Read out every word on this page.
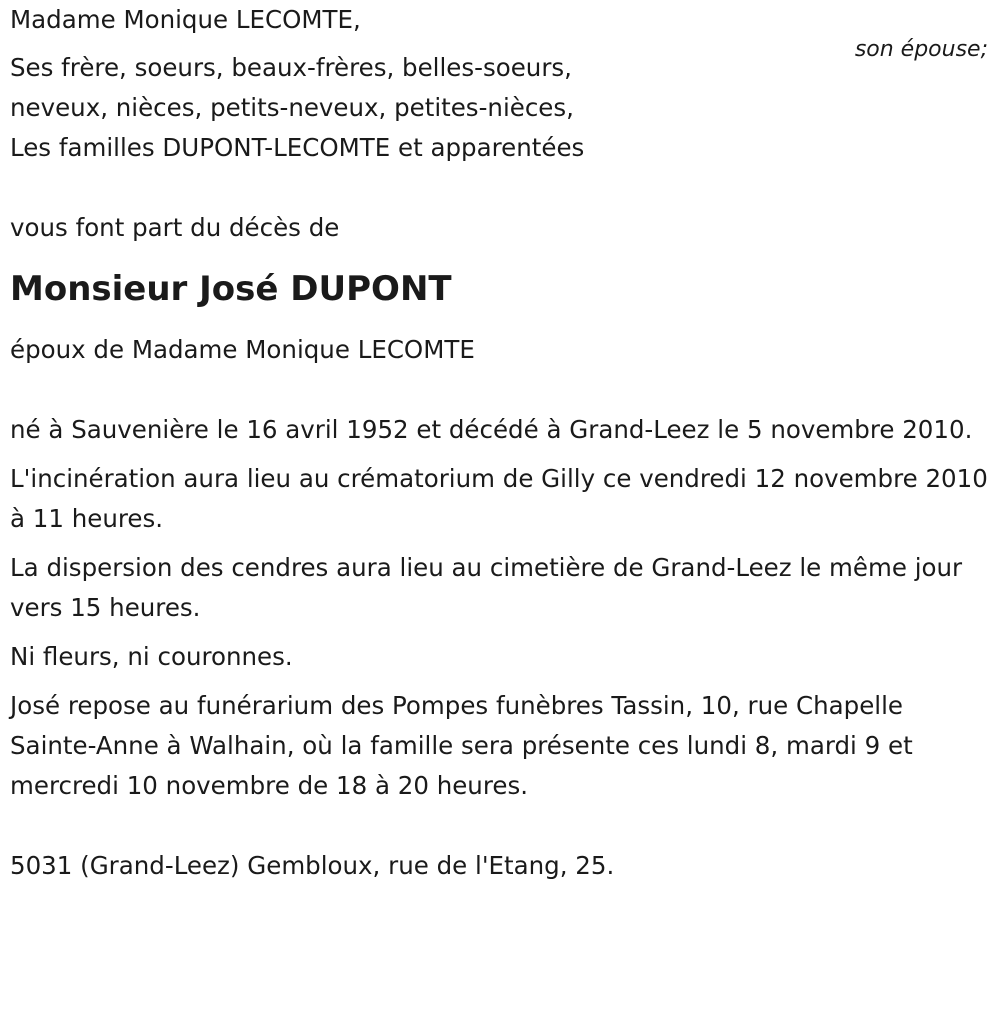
son épouse;
Madame Monique LECOMTE,
Ses frère, soeurs, beaux-frères, belles-soeurs,
neveux, nièces, petits-neveux, petites-nièces,
Les familles DUPONT-LECOMTE et apparentées
vous font part du décès de
Monsieur José DUPONT
époux de Madame Monique LECOMTE
né à Sauvenière le 16 avril 1952 et décédé à Grand-Leez le 5 novembre 2010.
L'incinération aura lieu au crématorium de Gilly ce vendredi 12 novembre 2010 à 11 heures.
La dispersion des cendres aura lieu au cimetière de Grand-Leez le même jour vers 15 heures.
Ni fleurs, ni couronnes.
José repose au funérarium des Pompes funèbres Tassin, 10, rue Chapelle Sainte-Anne à Walhain, où la famille sera présente ces lundi 8, mardi 9 et mercredi 10 novembre de 18 à 20 heures.
5031 (Grand-Leez) Gembloux, rue de l'Etang, 25.
